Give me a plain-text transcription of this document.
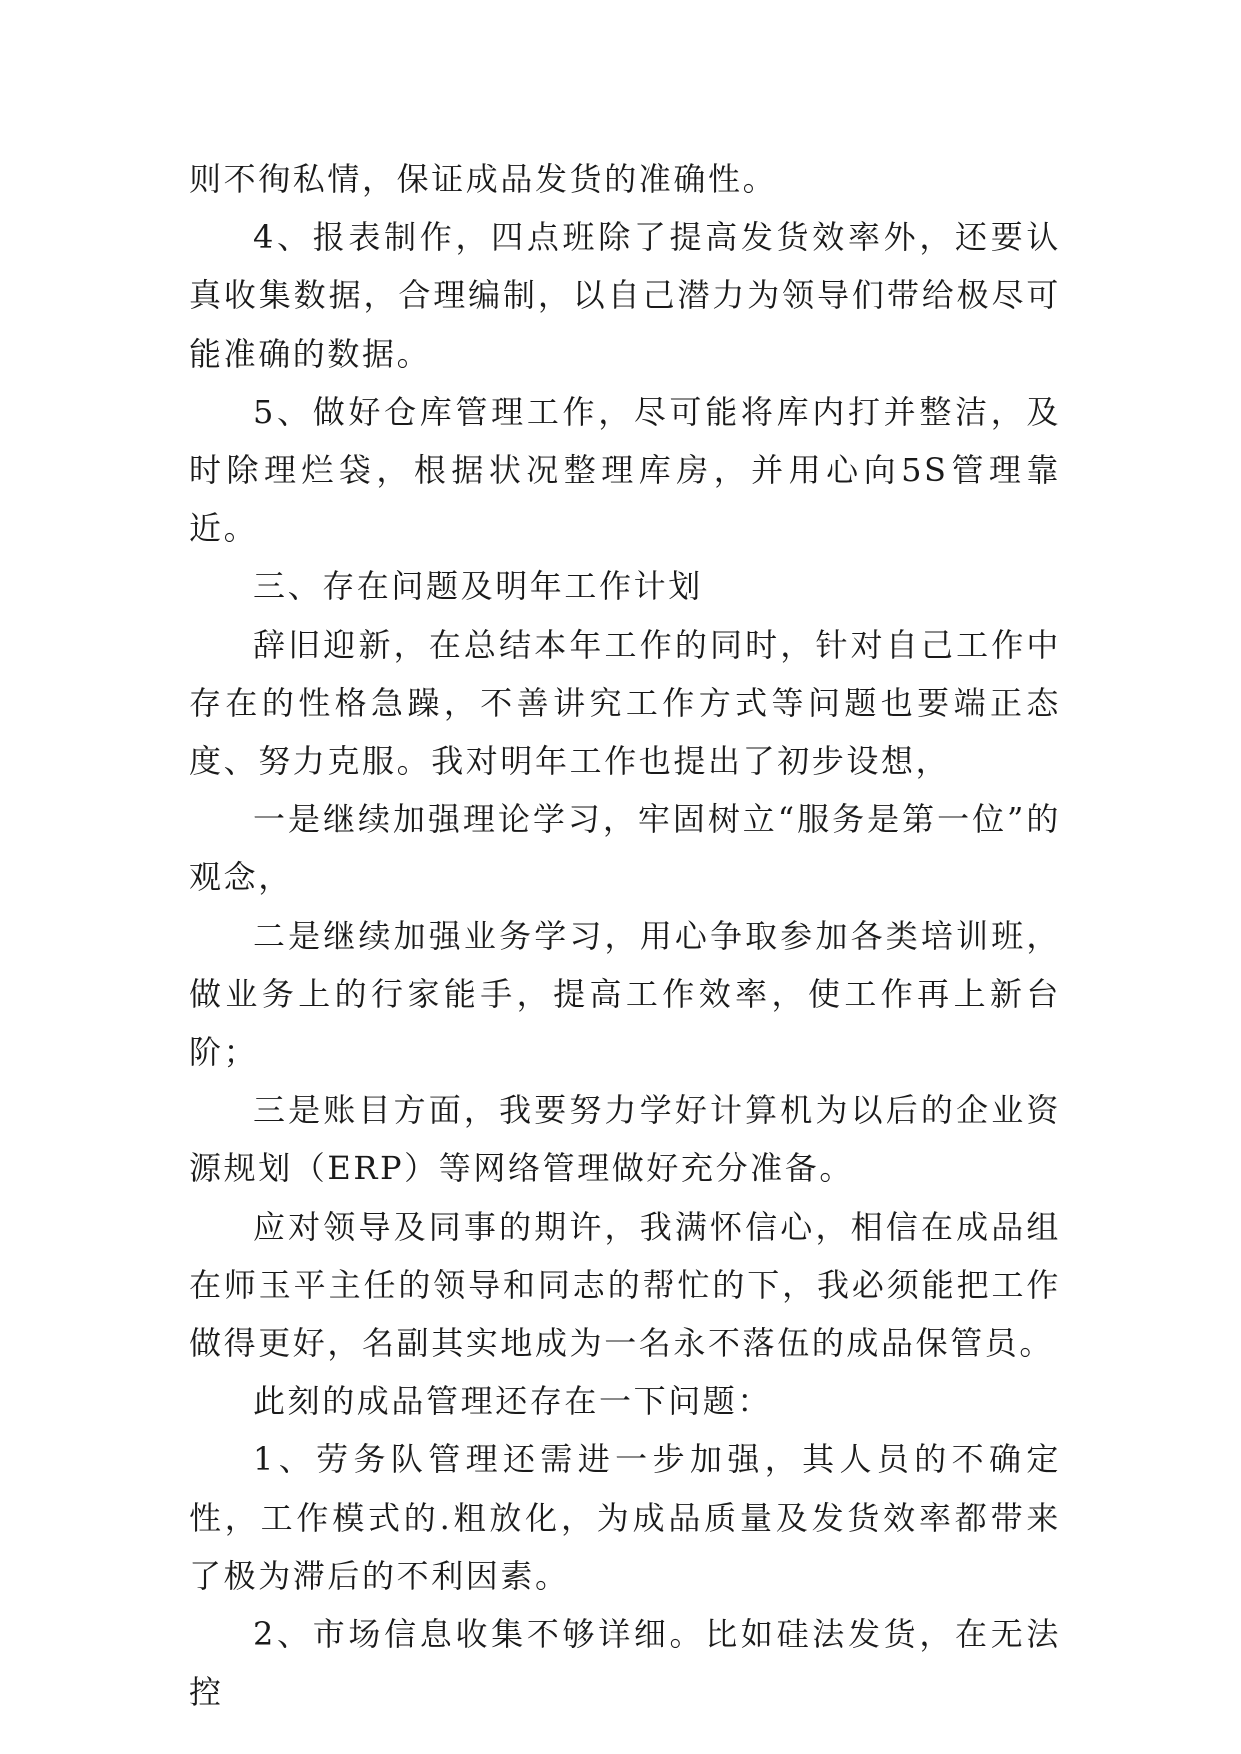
则不徇私情，保证成品发货的准确性。

4、报表制作，四点班除了提高发货效率外，还要认真收集数据，合理编制，以自己潜力为领导们带给极尽可能准确的数据。

5、做好仓库管理工作，尽可能将库内打并整洁，及时除理烂袋，根据状况整理库房，并用心向5S管理靠近。

三、存在问题及明年工作计划

辞旧迎新，在总结本年工作的同时，针对自己工作中存在的性格急躁，不善讲究工作方式等问题也要端正态度、努力克服。我对明年工作也提出了初步设想，

一是继续加强理论学习，牢固树立“服务是第一位”的观念，

二是继续加强业务学习，用心争取参加各类培训班，做业务上的行家能手，提高工作效率，使工作再上新台阶；

三是账目方面，我要努力学好计算机为以后的企业资源规划（ERP）等网络管理做好充分准备。

应对领导及同事的期许，我满怀信心，相信在成品组在师玉平主任的领导和同志的帮忙的下，我必须能把工作做得更好，名副其实地成为一名永不落伍的成品保管员。

此刻的成品管理还存在一下问题：

1、劳务队管理还需进一步加强，其人员的不确定性，工作模式的.粗放化，为成品质量及发货效率都带来了极为滞后的不利因素。

2、市场信息收集不够详细。比如硅法发货，在无法控
